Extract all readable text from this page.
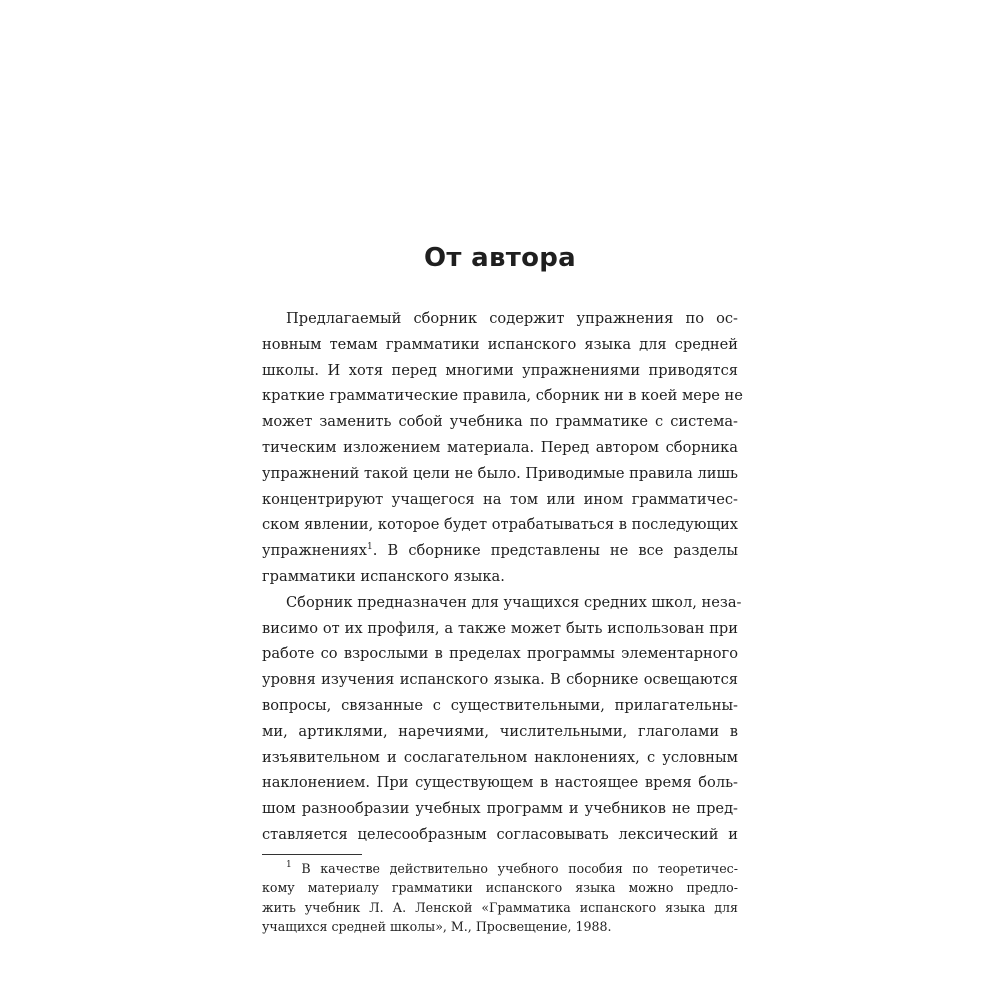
От автора
Предлагаемый сборник содержит упражнения по ос-
новным темам грамматики испанского языка для средней
школы. И хотя перед многими упражнениями приводятся
краткие грамматические правила, сборник ни в коей мере не
может заменить собой учебника по грамматике с система-
тическим изложением материала. Перед автором сборника
упражнений такой цели не было. Приводимые правила лишь
концентрируют учащегося на том или ином грамматичес-
ском явлении, которое будет отрабатываться в последующих
упражнениях$^1$. В сборнике представлены не все разделы
грамматики испанского языка.
Сборник предназначен для учащихся средних школ, неза-
висимо от их профиля, а также может быть использован при
работе со взрослыми в пределах программы элементарного
уровня изучения испанского языка. В сборнике освещаются
вопросы, связанные с существительными, прилагательны-
ми, артиклями, наречиями, числительными, глаголами в
изъявительном и сослагательном наклонениях, с условным
наклонением. При существующем в настоящее время боль-
шом разнообразии учебных программ и учебников не пред-
ставляется целесообразным согласовывать лексический и
$^1$ В качестве действительно учебного пособия по теоретичес-
кому материалу грамматики испанского языка можно предло-
жить учебник Л. А. Ленской «Грамматика испанского языка для
учащихся средней школы», М., Просвещение, 1988.
